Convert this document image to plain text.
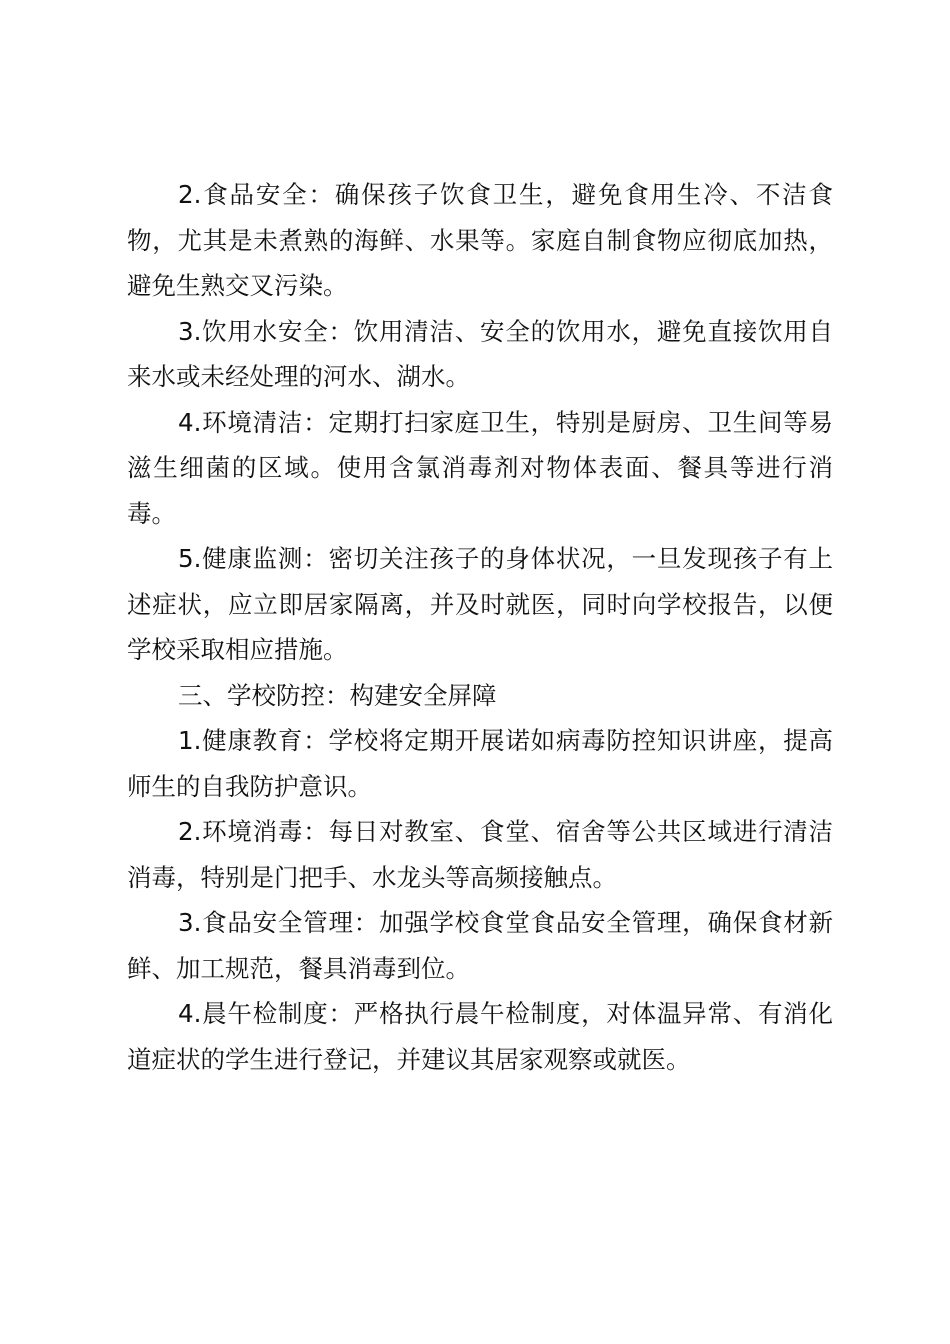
2.食品安全：确保孩子饮食卫生，避免食用生冷、不洁食物，尤其是未煮熟的海鲜、水果等。家庭自制食物应彻底加热，避免生熟交叉污染。

3.饮用水安全：饮用清洁、安全的饮用水，避免直接饮用自来水或未经处理的河水、湖水。

4.环境清洁：定期打扫家庭卫生，特别是厨房、卫生间等易滋生细菌的区域。使用含氯消毒剂对物体表面、餐具等进行消毒。

5.健康监测：密切关注孩子的身体状况，一旦发现孩子有上述症状，应立即居家隔离，并及时就医，同时向学校报告，以便学校采取相应措施。

三、学校防控：构建安全屏障

1.健康教育：学校将定期开展诺如病毒防控知识讲座，提高师生的自我防护意识。

2.环境消毒：每日对教室、食堂、宿舍等公共区域进行清洁消毒，特别是门把手、水龙头等高频接触点。

3.食品安全管理：加强学校食堂食品安全管理，确保食材新鲜、加工规范，餐具消毒到位。

4.晨午检制度：严格执行晨午检制度，对体温异常、有消化道症状的学生进行登记，并建议其居家观察或就医。
